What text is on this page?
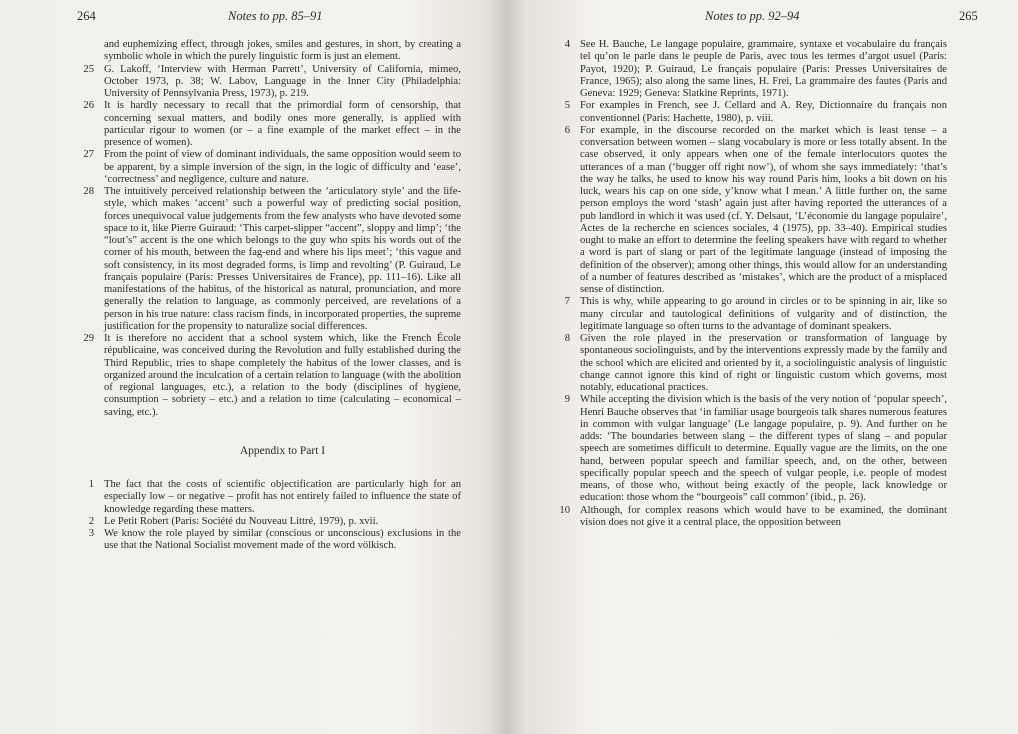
· · · ·
264	Notes to pp. 85–91

and euphemizing effect, through jokes, smiles and gestures, in short, by creating a symbolic whole in which the purely linguistic form is just an element.

25 G. Lakoff, ‘Interview with Herman Parrett’, University of California, mimeo, October 1973, p. 38; W. Labov, Language in the Inner City (Philadelphia: University of Pennsylvania Press, 1973), p. 219.

26 It is hardly necessary to recall that the primordial form of censorship, that concerning sexual matters, and bodily ones more generally, is applied with particular rigour to women (or – a fine example of the market effect – in the presence of women).

27 From the point of view of dominant individuals, the same opposition would seem to be apparent, by a simple inversion of the sign, in the logic of difficulty and ‘ease’, ‘correctness’ and negligence, culture and nature.

28 The intuitively perceived relationship between the ‘articulatory style’ and the life-style, which makes ‘accent’ such a powerful way of predicting social position, forces unequivocal value judgements from the few analysts who have devoted some space to it, like Pierre Guiraud: ‘This carpet-slipper “accent”, sloppy and limp’; ‘the “lout’s” accent is the one which belongs to the guy who spits his words out of the corner of his mouth, between the fag-end and where his lips meet’; ‘this vague and soft consistency, in its most degraded forms, is limp and revolting’ (P. Guiraud, Le français populaire (Paris: Presses Universitaires de France), pp. 111–16). Like all manifestations of the habitus, of the historical as natural, pronunciation, and more generally the relation to language, as commonly perceived, are revelations of a person in his true nature: class racism finds, in incorporated properties, the supreme justification for the propensity to naturalize social differences.

29 It is therefore no accident that a school system which, like the French École républicaine, was conceived during the Revolution and fully established during the Third Republic, tries to shape completely the habitus of the lower classes, and is organized around the inculcation of a certain relation to language (with the abolition of regional languages, etc.), a relation to the body (disciplines of hygiene, consumption – sobriety – etc.) and a relation to time (calculating – economical – saving, etc.).

Appendix to Part I
1 The fact that the costs of scientific objectification are particularly high for an especially low – or negative – profit has not entirely failed to influence the state of knowledge regarding these matters.

2 Le Petit Robert (Paris: Société du Nouveau Littré, 1979), p. xvii.

3 We know the role played by similar (conscious or unconscious) exclusions in the use that the National Socialist movement made of the word völkisch.

Notes to pp. 92–94	265
4 See H. Bauche, Le langage populaire, grammaire, syntaxe et vocabulaire du français tel qu’on le parle dans le peuple de Paris, avec tous les termes d’argot usuel (Paris: Payot, 1920); P. Guiraud, Le français populaire (Paris: Presses Universitaires de France, 1965); also along the same lines, H. Frei, La grammaire des fautes (Paris and Geneva: 1929; Geneva: Slatkine Reprints, 1971).

5 For examples in French, see J. Cellard and A. Rey, Dictionnaire du français non conventionnel (Paris: Hachette, 1980), p. viii.

6 For example, in the discourse recorded on the market which is least tense – a conversation between women – slang vocabulary is more or less totally absent. In the case observed, it only appears when one of the female interlocutors quotes the utterances of a man (‘bugger off right now’), of whom she says immediately: ‘that’s the way he talks, he used to know his way round Paris him, looks a bit down on his luck, wears his cap on one side, y’know what I mean.’ A little further on, the same person employs the word ‘stash’ again just after having reported the utterances of a pub landlord in which it was used (cf. Y. Delsaut, ‘L’économie du langage populaire’, Actes de la recherche en sciences sociales, 4 (1975), pp. 33–40). Empirical studies ought to make an effort to determine the feeling speakers have with regard to whether a word is part of slang or part of the legitimate language (instead of imposing the definition of the observer); among other things, this would allow for an understanding of a number of features described as ‘mistakes’, which are the product of a misplaced sense of distinction.

7 This is why, while appearing to go around in circles or to be spinning in air, like so many circular and tautological definitions of vulgarity and of distinction, the legitimate language so often turns to the advantage of dominant speakers.

8 Given the role played in the preservation or transformation of language by spontaneous sociolinguists, and by the interventions expressly made by the family and the school which are elicited and oriented by it, a sociolinguistic analysis of linguistic change cannot ignore this kind of right or linguistic custom which governs, most notably, educational practices.

9 While accepting the division which is the basis of the very notion of ‘popular speech’, Henri Bauche observes that ‘in familiar usage bourgeois talk shares numerous features in common with vulgar language’ (Le langage populaire, p. 9). And further on he adds: ‘The boundaries between slang – the different types of slang – and popular speech are sometimes difficult to determine. Equally vague are the limits, on the one hand, between popular speech and familiar speech, and, on the other, between specifically popular speech and the speech of vulgar people, i.e. people of modest means, of those who, without being exactly of the people, lack knowledge or education: those whom the “bourgeois” call common’ (ibid., p. 26).

10 Although, for complex reasons which would have to be examined, the dominant vision does not give it a central place, the opposition between
